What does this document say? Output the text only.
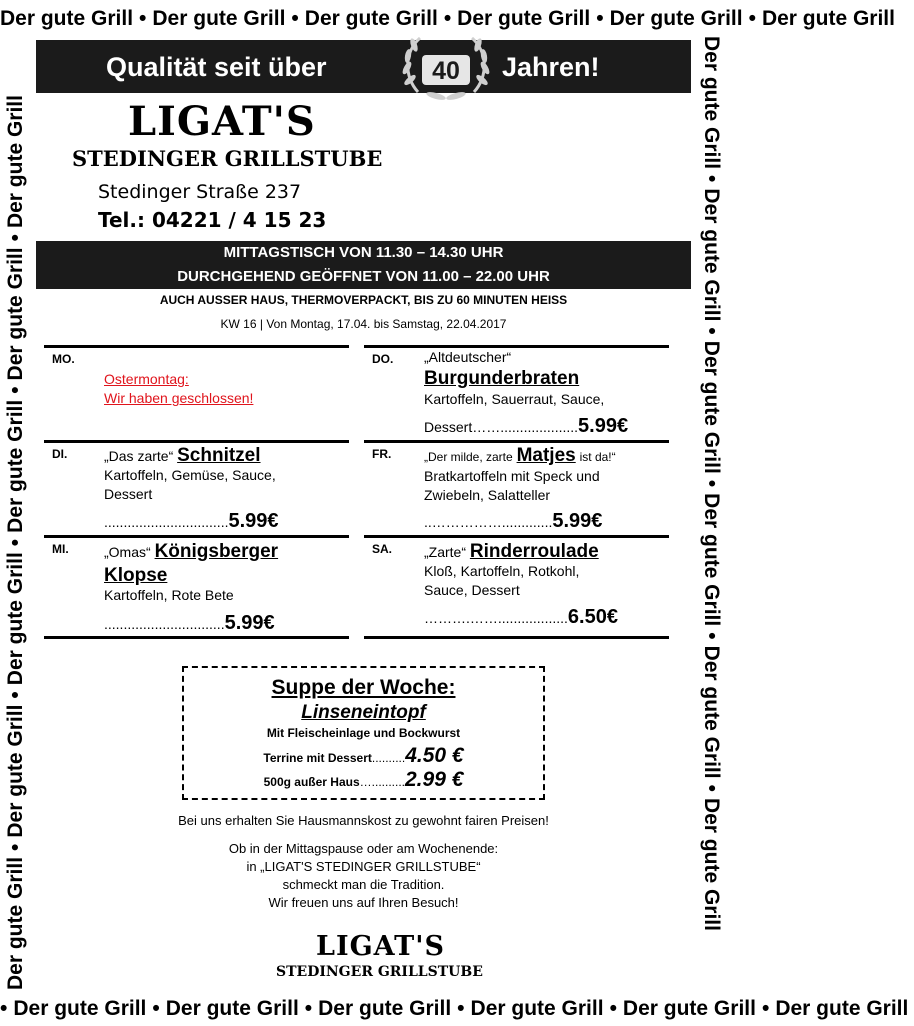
Der gute Grill • Der gute Grill • Der gute Grill • Der gute Grill • Der gute Grill • Der gute Grill
• Der gute Grill • Der gute Grill • Der gute Grill • Der gute Grill • Der gute Grill • Der gute Grill
Der gute Grill•Der gute Grill•Der gute Grill•Der gute Grill•Der gute Grill•Der gute Grill	Der gute Grill•Der gute Grill•Der gute Grill•Der gute Grill•Der gute Grill•Der gute Grill
Qualität seit über	40 Jahren!
LIGAT'S
STEDINGER GRILLSTUBE
Stedinger Straße 237
Tel.: 04221 / 4 15 23
MITTAGSTISCH VON 11.30 – 14.30 UHR
DURCHGEHEND GEÖFFNET VON 11.00 – 22.00 UHR
AUCH AUSSER HAUS, THERMOVERPACKT, BIS ZU 60 MINUTEN HEISS
KW 16 | Von Montag, 17.04. bis Samstag, 22.04.2017
MO.
Ostermontag:
Wir haben geschlossen!
DI.	„Das zarte“ Schnitzel
Kartoffeln, Gemüse, Sauce,
Dessert
................................5.99€
MI.	„Omas“ Königsberger
Klopse
Kartoffeln, Rote Bete
...............................5.99€
DO. „Altdeutscher“
Burgunderbraten
Kartoffeln, Sauerraut, Sauce,
Dessert……....................5.99€
FR.	„Der milde, zarte Matjes ist da!“
Bratkartoffeln mit Speck und
Zwiebeln, Salatteller
..…………….............5.99€
SA. „Zarte“ Rinderroulade
Kloß, Kartoffeln, Rotkohl,
Sauce, Dessert
……….……..................6.50€
Suppe der Woche:
Linseneintopf
Mit Fleischeinlage und Bockwurst
Terrine mit Dessert..........4.50 €
500g außer Haus…..........2.99 €
Bei uns erhalten Sie Hausmannskost zu gewohnt fairen Preisen!
Ob in der Mittagspause oder am Wochenende:
in „LIGAT'S STEDINGER GRILLSTUBE“
schmeckt man die Tradition.
Wir freuen uns auf Ihren Besuch!
LIGAT'S
STEDINGER GRILLSTUBE
